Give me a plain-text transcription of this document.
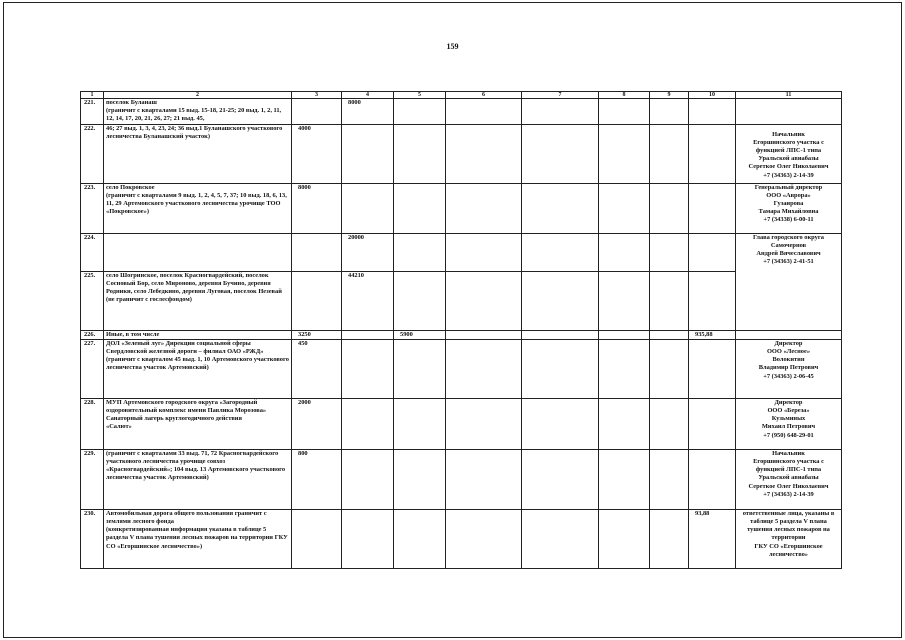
159
1	2	3	4	5	6	7	8	9	10	11
221.	поселок Буланаш
(граничит с кварталами 15 выд. 15-18, 21-25; 20 выд. 1, 2, 11, 12, 14, 17, 20, 21, 26, 27; 21 выд. 45,		8000							
222.	46; 27 выд. 1, 3, 4, 23, 24; 36 выд.1 Буланашского участкового лесничества Буланашский участок)	4000								Начальник
Егоршинского участка с функцией ЛПС-1 типа
Уральской авиабазы
Сереткое Олег Николаевич
+7 (34363) 2-14-39
223.	село Покровское
(граничит с кварталами 9 выд. 1, 2, 4, 5, 7, 37; 10 выд. 18, 6, 13, 11, 29 Артемовского участкового лесничества урочище ТОО «Покровское»)	8000								Генеральный директор
ООО «Аврора»
Гузаирова
Тамара Михайловна
+7 (34338) 6-00-11
224.			20000							Глава городского округа
Самочернов
Андрей Вячеславович
+7 (34363) 2-41-51
225.	село Шогринское, поселок Красногвардейский, поселок Сосновый Бор, село Мироново, деревня Бучино, деревня Родники, село Лебедкино, деревня Луговая, поселок Незевай
(не граничит с гослесфондом)		44210							
226.	Иные, в том числе	3250		5900					935,88	
227.	ДОЛ «Зеленый луг» Дирекции социальной сферы Свердловской железной дороги – филиал ОАО «РЖД»
(граничит с кварталом 45 выд. 1, 10 Артемовского участкового лесничества участок Артемовский)	450								Директор
ООО «Лесное»
Волокитин
Владимир Петрович
+7 (34363) 2-06-45
228.	МУП Артемовского городского округа «Загородный оздоровительный комплекс имени Павлика Морозова» Санаторный лагерь круглогодичного действия
«Салют»	2000								Директор
ООО «Береза»
Кузьминых
Михаил Петрович
+7 (950) 648-29-01
229.	(граничит с кварталами 33 выд. 71, 72 Красногвардейского участкового лесничества урочище совхоз «Красногвардейский»; 104 выд. 13 Артемовского участкового лесничества участок Артемовский)	800								Начальник
Егоршинского участка с функцией ЛПС-1 типа
Уральской авиабазы
Сереткое Олег Николаевич
+7 (34363) 2-14-39
230.	Автомобильная дорога общего пользования граничит с землями лесного фонда
(конкретизированная информация указана в таблице 5 раздела V плана тушения лесных пожаров на территории ГКУ СО «Егоршинское лесничество»)								93,88	ответственные лица, указаны в таблице 5 раздела V плана тушения лесных пожаров на территории
ГКУ СО «Егоршинское лесничество»
